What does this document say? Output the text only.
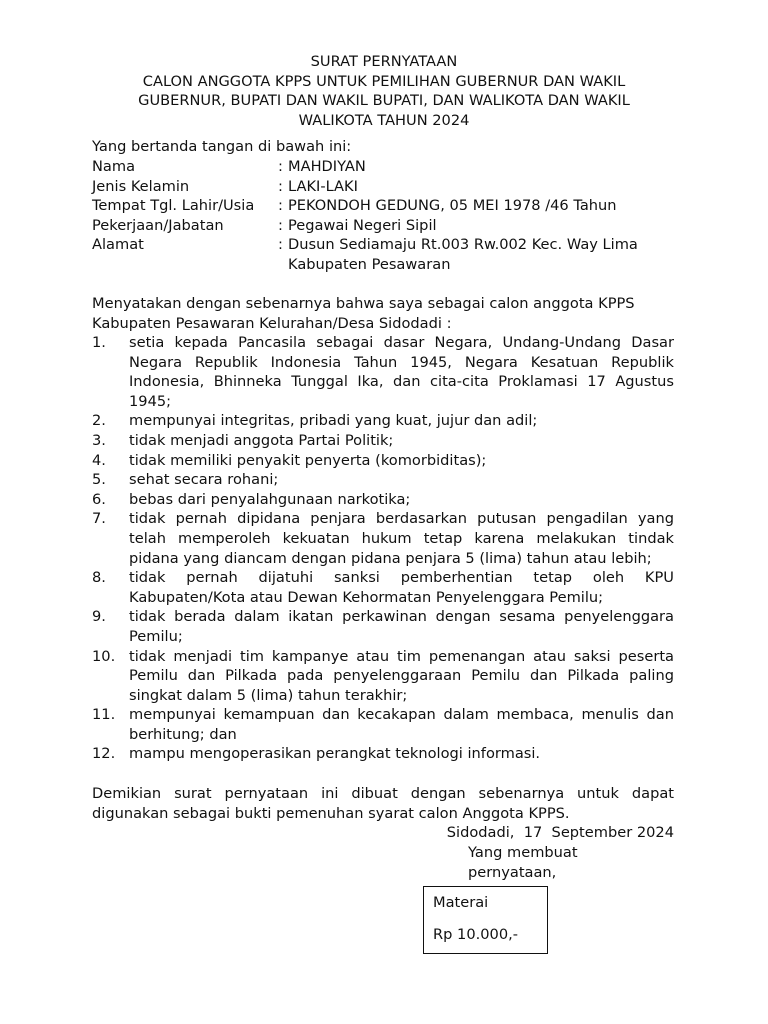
SURAT PERNYATAAN
CALON ANGGOTA KPPS UNTUK PEMILIHAN GUBERNUR DAN WAKIL
GUBERNUR, BUPATI DAN WAKIL BUPATI, DAN WALIKOTA DAN WAKIL
WALIKOTA TAHUN 2024
Yang bertanda tangan di bawah ini:
Nama	: MAHDIYAN
Jenis Kelamin	: LAKI-LAKI
Tempat Tgl. Lahir/Usia	: PEKONDOH GEDUNG, 05 MEI 1978 /46 Tahun
Pekerjaan/Jabatan	: Pegawai Negeri Sipil
Alamat	: Dusun Sediamaju Rt.003 Rw.002 Kec. Way Lima Kabupaten Pesawaran
Menyatakan dengan sebenarnya bahwa saya sebagai calon anggota KPPS Kabupaten Pesawaran Kelurahan/Desa Sidodadi :
1.	setia kepada Pancasila sebagai dasar Negara, Undang-Undang Dasar Negara Republik Indonesia Tahun 1945, Negara Kesatuan Republik Indonesia, Bhinneka Tunggal Ika, dan cita-cita Proklamasi 17 Agustus 1945;
2.	mempunyai integritas, pribadi yang kuat, jujur dan adil;
3.	tidak menjadi anggota Partai Politik;
4.	tidak memiliki penyakit penyerta (komorbiditas);
5.	sehat secara rohani;
6.	bebas dari penyalahgunaan narkotika;
7.	tidak pernah dipidana penjara berdasarkan putusan pengadilan yang telah memperoleh kekuatan hukum tetap karena melakukan tindak pidana yang diancam dengan pidana penjara 5 (lima) tahun atau lebih;
8.	tidak pernah dijatuhi sanksi pemberhentian tetap oleh KPU Kabupaten/Kota atau Dewan Kehormatan Penyelenggara Pemilu;
9.	tidak berada dalam ikatan perkawinan dengan sesama penyelenggara Pemilu;
10. tidak menjadi tim kampanye atau tim pemenangan atau saksi peserta Pemilu dan Pilkada pada penyelenggaraan Pemilu dan Pilkada paling singkat dalam 5 (lima) tahun terakhir;
11. mempunyai kemampuan dan kecakapan dalam membaca, menulis dan berhitung; dan
12. mampu mengoperasikan perangkat teknologi informasi.
Demikian surat pernyataan ini dibuat dengan sebenarnya untuk dapat digunakan sebagai bukti pemenuhan syarat calon Anggota KPPS.
Sidodadi,  17  September 2024
Yang membuat
pernyataan,
Materai
Rp 10.000,-
